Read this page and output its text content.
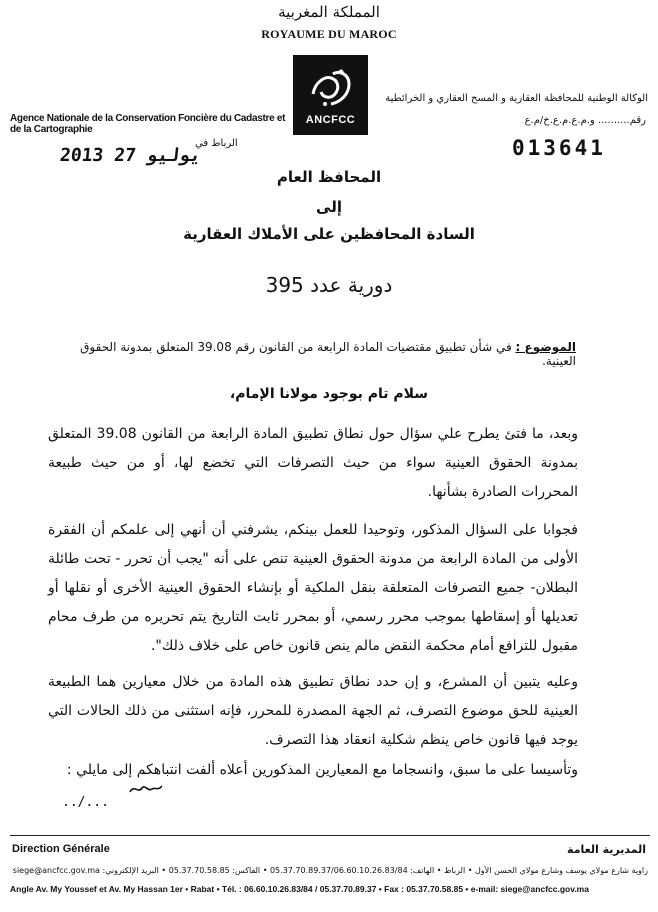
المملكة المغربية
ROYAUME DU MAROC
ANCFCC
الوكالة الوطنية للمحافظة العقارية و المسح العقاري و الخرائطية
Agence Nationale de la Conservation Foncière du Cadastre et de la Cartographie
رقم.......... و.م.ع.م.ع.خ/م.ع
الرباط في
2013 يوليو 27	013641
المحافظ العام
إلى
السادة المحافظين على الأملاك العقارية
دورية عدد 395
الموضوع : في شأن تطبيق مقتضيات المادة الرابعة من القانون رقم 39.08 المتعلق بمدونة الحقوق العينية.
سلام تام بوجود مولانا الإمام،
وبعد، ما فتئ يطرح علي سؤال حول نطاق تطبيق المادة الرابعة من القانون 39.08 المتعلق بمدونة الحقوق العينية سواء من حيث التصرفات التي تخضع لها، أو من حيث طبيعة المحررات الصادرة بشأنها.
فجوابا على السؤال المذكور، وتوحيدا للعمل بينكم، يشرفني أن أنهي إلى علمكم أن الفقرة الأولى من المادة الرابعة من مدونة الحقوق العينية تنص على أنه "يجب أن تحرر - تحت طائلة البطلان- جميع التصرفات المتعلقة بنقل الملكية أو بإنشاء الحقوق العينية الأخرى أو نقلها أو تعديلها أو إسقاطها بموجب محرر رسمي، أو بمحرر ثابت التاريخ يتم تحريره من طرف محام مقبول للترافع أمام محكمة النقض مالم ينص قانون خاص على خلاف ذلك".
وعليه يتبين أن المشرع، و إن حدد نطاق تطبيق هذه المادة من خلال معيارين هما الطبيعة العينية للحق موضوع التصرف، ثم الجهة المصدرة للمحرر، فإنه استثنى من ذلك الحالات التي يوجد فيها قانون خاص ينظم شكلية انعقاد هذا التصرف.
وتأسيسا على ما سبق، وانسجاما مع المعيارين المذكورين أعلاه ألفت انتباهكم إلى مايلي :
../...
Direction Générale	المديرية العامة
زاوية شارع مولاي يوسف وشارع مولاي الحسن الأول • الرباط • الهاتف: 05.37.70.89.37/06.60.10.26.83/84 • الفاكس: 05.37.70.58.85 • البريد الإلكتروني: siege@ancfcc.gov.ma
Angle Av. My Youssef et Av. My Hassan 1er • Rabat • Tél. : 06.60.10.26.83/84 / 05.37.70.89.37 • Fax : 05.37.70.58.85 • e-mail: siege@ancfcc.gov.ma
